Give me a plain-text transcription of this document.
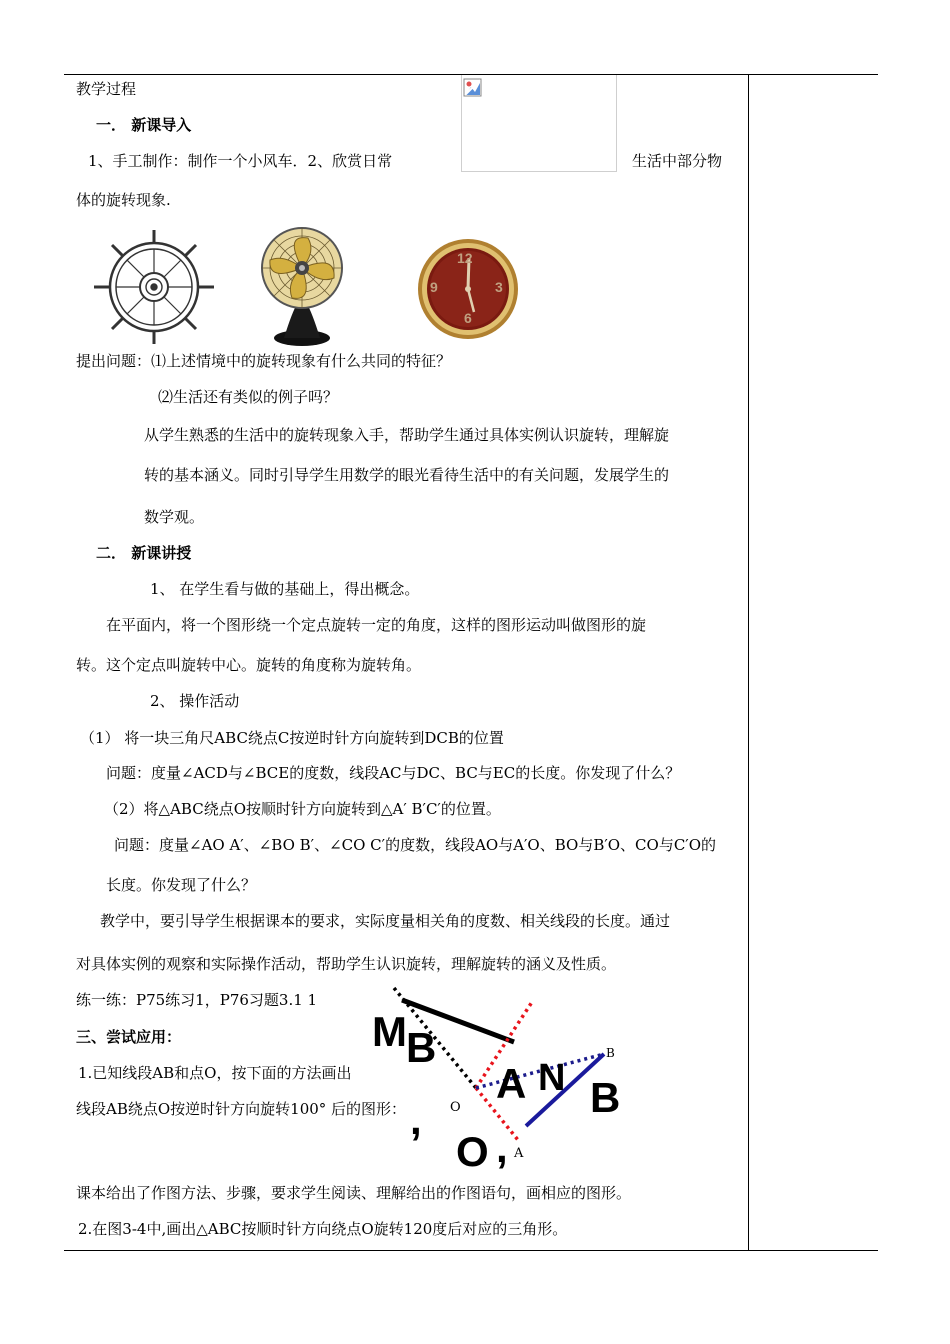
教学过程
一． 新课导入
1、手工制作：制作一个小风车．2、欣赏日常	生活中部分物
体的旋转现象.
12
3
6
9
提出问题：⑴上述情境中的旋转现象有什么共同的特征？
⑵生活还有类似的例子吗？
从学生熟悉的生活中的旋转现象入手，帮助学生通过具体实例认识旋转，理解旋
转的基本涵义。同时引导学生用数学的眼光看待生活中的有关问题，发展学生的
数学观。
二． 新课讲授
1、 在学生看与做的基础上，得出概念。
在平面内，将一个图形绕一个定点旋转一定的角度，这样的图形运动叫做图形的旋
转。这个定点叫旋转中心。旋转的角度称为旋转角。
2、 操作活动
（1） 将一块三角尺ABC绕点C按逆时针方向旋转到DCB的位置
问题：度量∠ACD与∠BCE的度数，线段AC与DC、BC与EC的长度。你发现了什么？
（2）将△ABC绕点O按顺时针方向旋转到△A′ B′C′的位置。
问题：度量∠AO A′、∠BO B′、∠CO C′的度数，线段AO与A′O、BO与B′O、CO与C′O的
长度。你发现了什么？
教学中，要引导学生根据课本的要求，实际度量相关角的度数、相关线段的长度。通过
对具体实例的观察和实际操作活动，帮助学生认识旋转，理解旋转的涵义及性质。
练一练：P75练习1，P76习题3.1 1
三、尝试应用：
1.已知线段AB和点O，按下面的方法画出
线段AB绕点O按逆时针方向旋转100° 后的图形：
M B
A N B
O
,
,
O
A
B
课本给出了作图方法、步骤，要求学生阅读、理解给出的作图语句，画相应的图形。
2.在图3-4中,画出△ABC按顺时针方向绕点O旋转120度后对应的三角形。
